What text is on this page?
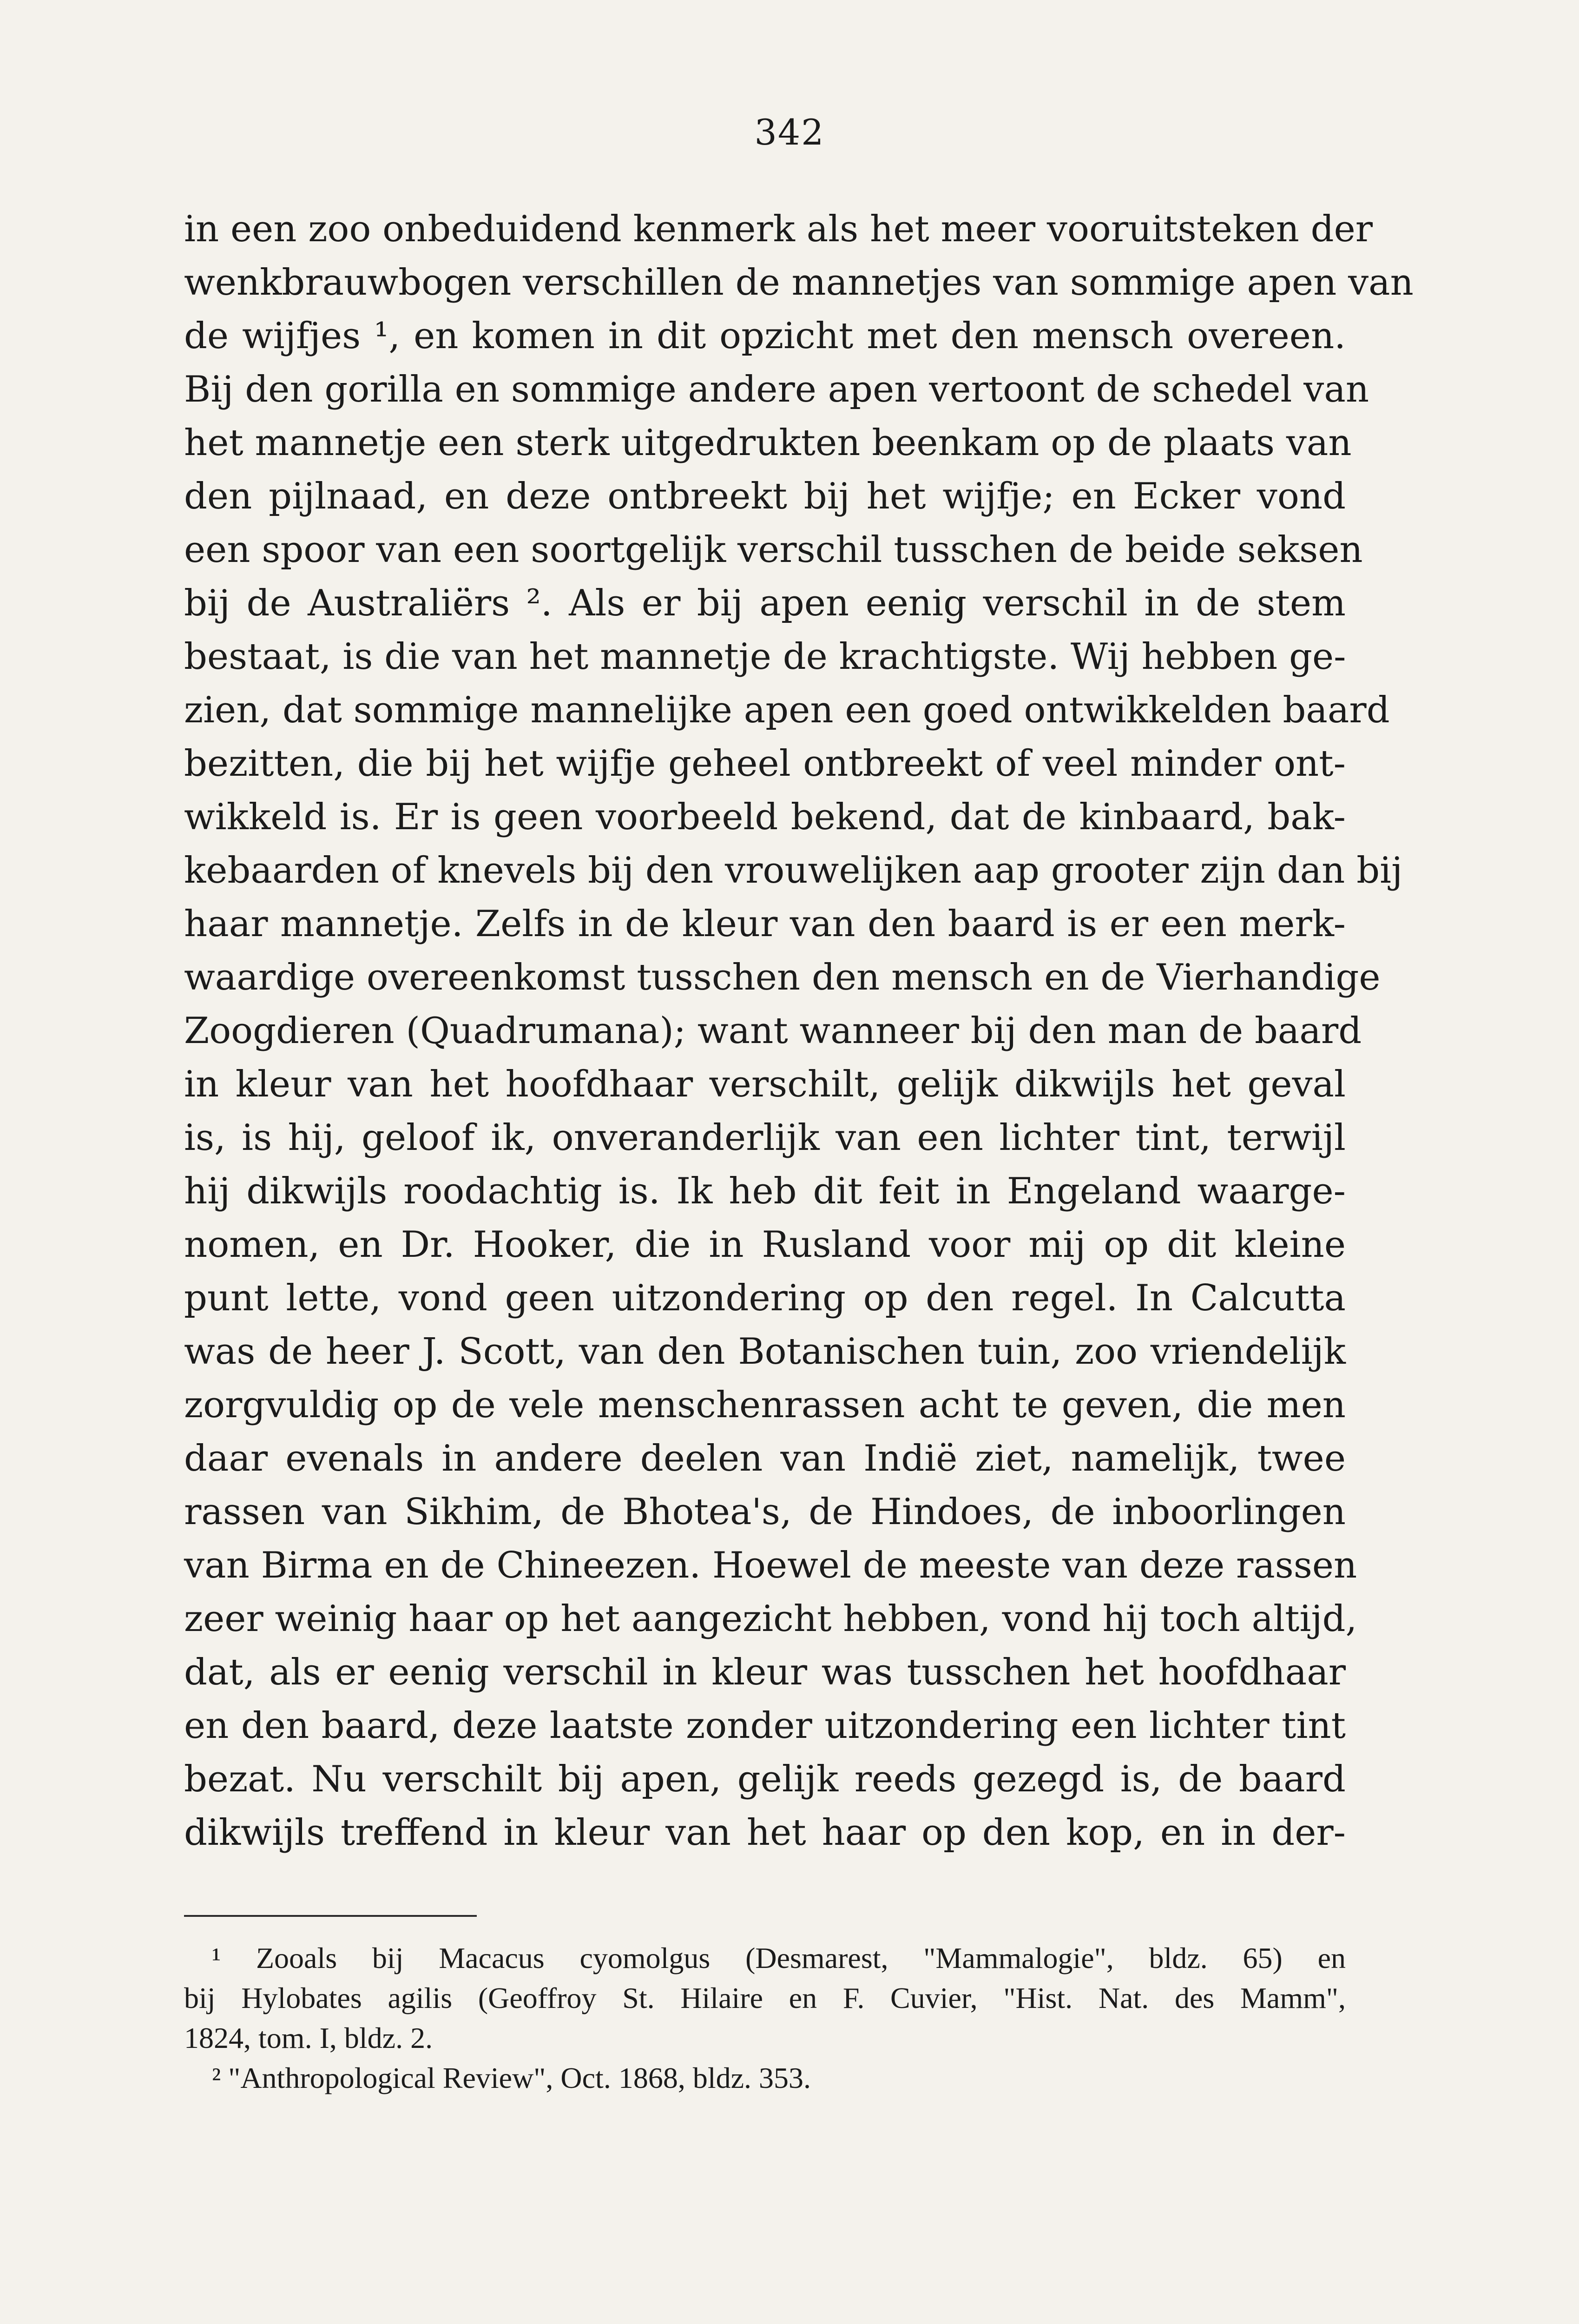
342
in een zoo onbeduidend kenmerk als het meer vooruitsteken der
wenkbrauwbogen verschillen de mannetjes van sommige apen van
de wijfjes ¹, en komen in dit opzicht met den mensch overeen.
Bij den gorilla en sommige andere apen vertoont de schedel van
het mannetje een sterk uitgedrukten beenkam op de plaats van
den pijlnaad, en deze ontbreekt bij het wijfje; en Ecker vond
een spoor van een soortgelijk verschil tusschen de beide seksen
bij de Australiërs ². Als er bij apen eenig verschil in de stem
bestaat, is die van het mannetje de krachtigste. Wij hebben ge-
zien, dat sommige mannelijke apen een goed ontwikkelden baard
bezitten, die bij het wijfje geheel ontbreekt of veel minder ont-
wikkeld is. Er is geen voorbeeld bekend, dat de kinbaard, bak-
kebaarden of knevels bij den vrouwelijken aap grooter zijn dan bij
haar mannetje. Zelfs in de kleur van den baard is er een merk-
waardige overeenkomst tusschen den mensch en de Vierhandige
Zoogdieren (Quadrumana); want wanneer bij den man de baard
in kleur van het hoofdhaar verschilt, gelijk dikwijls het geval
is, is hij, geloof ik, onveranderlijk van een lichter tint, terwijl
hij dikwijls roodachtig is. Ik heb dit feit in Engeland waarge-
nomen, en Dr. Hooker, die in Rusland voor mij op dit kleine
punt lette, vond geen uitzondering op den regel. In Calcutta
was de heer J. Scott, van den Botanischen tuin, zoo vriendelijk
zorgvuldig op de vele menschenrassen acht te geven, die men
daar evenals in andere deelen van Indië ziet, namelijk, twee
rassen van Sikhim, de Bhotea's, de Hindoes, de inboorlingen
van Birma en de Chineezen. Hoewel de meeste van deze rassen
zeer weinig haar op het aangezicht hebben, vond hij toch altijd,
dat, als er eenig verschil in kleur was tusschen het hoofdhaar
en den baard, deze laatste zonder uitzondering een lichter tint
bezat. Nu verschilt bij apen, gelijk reeds gezegd is, de baard
dikwijls treffend in kleur van het haar op den kop, en in der-
¹ Zooals bij Macacus cyomolgus (Desmarest, "Mammalogie", bldz. 65) en
bij Hylobates agilis (Geoffroy St. Hilaire en F. Cuvier, "Hist. Nat. des Mamm",
1824, tom. I, bldz. 2.
² "Anthropological Review", Oct. 1868, bldz. 353.
